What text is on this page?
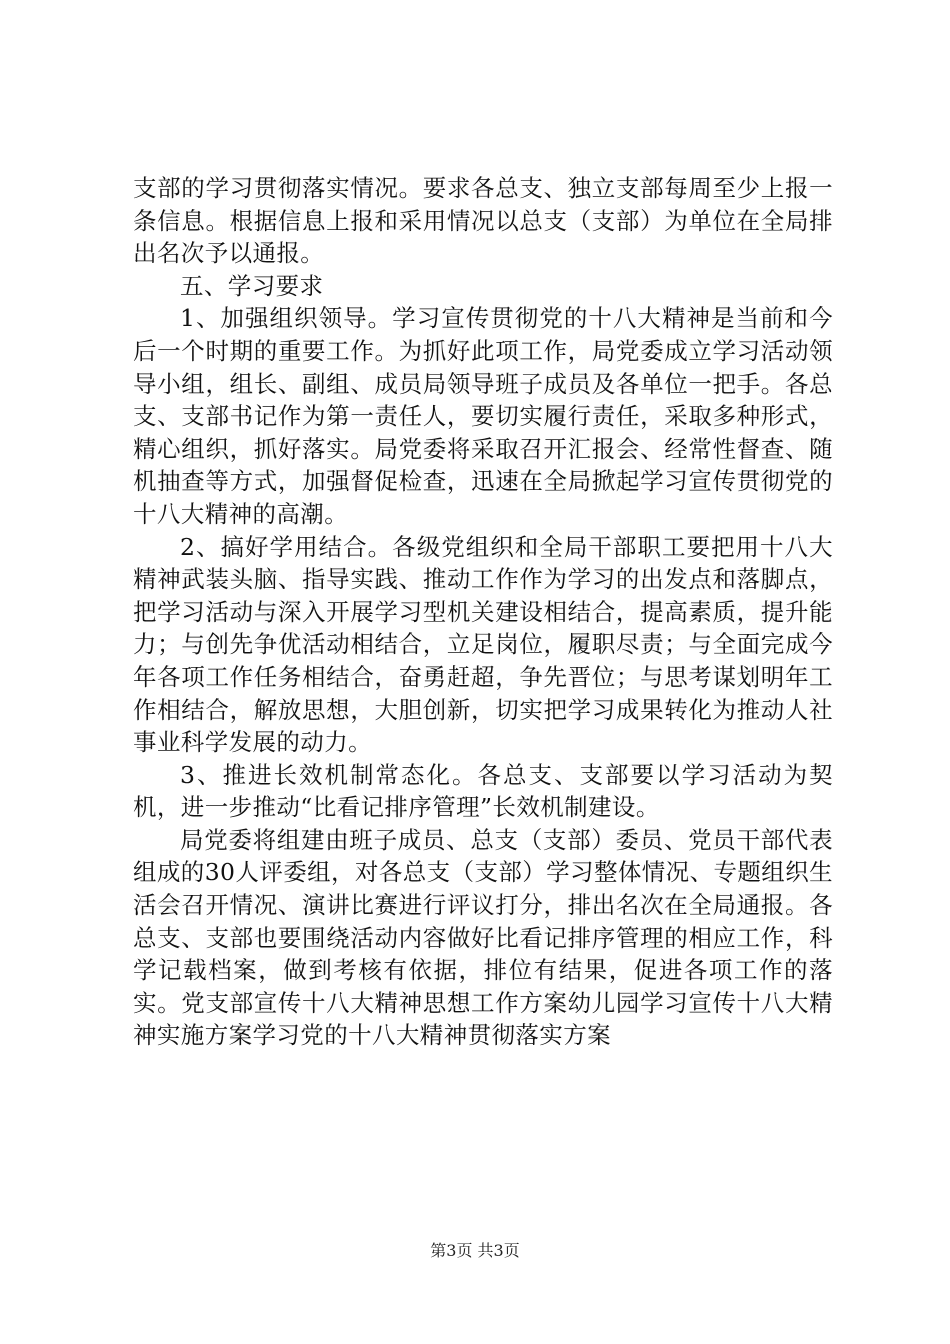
支部的学习贯彻落实情况。要求各总支、独立支部每周至少上报一条信息。根据信息上报和采用情况以总支（支部）为单位在全局排出名次予以通报。

五、学习要求

1、加强组织领导。学习宣传贯彻党的十八大精神是当前和今后一个时期的重要工作。为抓好此项工作，局党委成立学习活动领导小组，组长、副组、成员局领导班子成员及各单位一把手。各总支、支部书记作为第一责任人，要切实履行责任，采取多种形式，精心组织，抓好落实。局党委将采取召开汇报会、经常性督查、随机抽查等方式，加强督促检查，迅速在全局掀起学习宣传贯彻党的十八大精神的高潮。

2、搞好学用结合。各级党组织和全局干部职工要把用十八大精神武装头脑、指导实践、推动工作作为学习的出发点和落脚点，把学习活动与深入开展学习型机关建设相结合，提高素质，提升能力；与创先争优活动相结合，立足岗位，履职尽责；与全面完成今年各项工作任务相结合，奋勇赶超，争先晋位；与思考谋划明年工作相结合，解放思想，大胆创新，切实把学习成果转化为推动人社事业科学发展的动力。

3、推进长效机制常态化。各总支、支部要以学习活动为契机，进一步推动“比看记排序管理”长效机制建设。

局党委将组建由班子成员、总支（支部）委员、党员干部代表组成的30人评委组，对各总支（支部）学习整体情况、专题组织生活会召开情况、演讲比赛进行评议打分，排出名次在全局通报。各总支、支部也要围绕活动内容做好比看记排序管理的相应工作，科学记载档案，做到考核有依据，排位有结果，促进各项工作的落实。党支部宣传十八大精神思想工作方案幼儿园学习宣传十八大精神实施方案学习党的十八大精神贯彻落实方案

第3页 共3页
